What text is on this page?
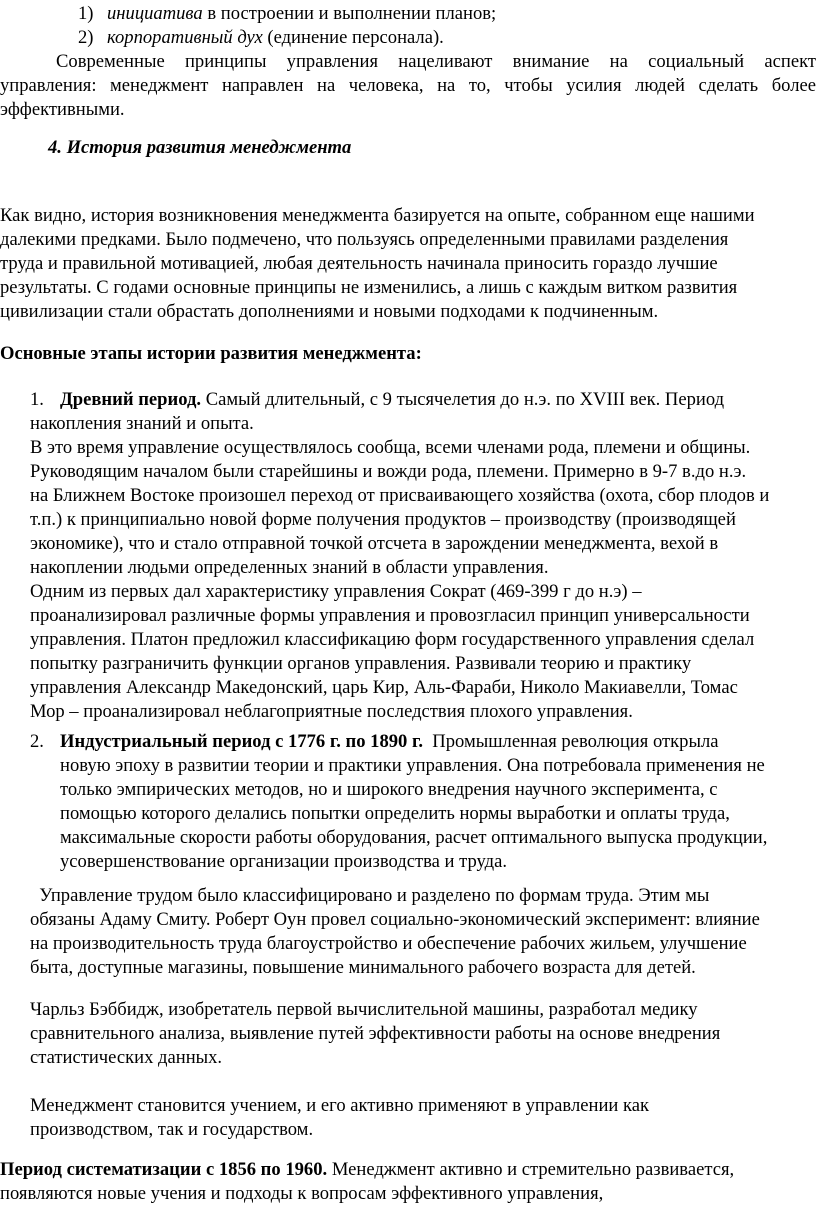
1) инициатива в построении и выполнении планов;
2) корпоративный дух (единение персонала).
Современные принципы управления нацеливают внимание на социальный аспект
управления: менеджмент направлен на человека, на то, чтобы усилия людей сделать более
эффективными.
4. История развития менеджмента
Как видно, история возникновения менеджмента базируется на опыте, собранном еще нашими
далекими предками. Было подмечено, что пользуясь определенными правилами разделения
труда и правильной мотивацией, любая деятельность начинала приносить гораздо лучшие
результаты. С годами основные принципы не изменились, а лишь с каждым витком развития
цивилизации стали обрастать дополнениями и новыми подходами к подчиненным.
Основные этапы истории развития менеджмента:
1. Древний период. Самый длительный, с 9 тысячелетия до н.э. по XVIII век. Период
накопления знаний и опыта.
В это время управление осуществлялось сообща, всеми членами рода, племени и общины.
Руководящим началом были старейшины и вожди рода, племени. Примерно в 9-7 в.до н.э.
на Ближнем Востоке произошел переход от присваивающего хозяйства (охота, сбор плодов и
т.п.) к принципиально новой форме получения продуктов – производству (производящей
экономике), что и стало отправной точкой отсчета в зарождении менеджмента, вехой в
накоплении людьми определенных знаний в области управления.
Одним из первых дал характеристику управления Сократ (469-399 г до н.э) –
проанализировал различные формы управления и провозгласил принцип универсальности
управления. Платон предложил классификацию форм государственного управления сделал
попытку разграничить функции органов управления. Развивали теорию и практику
управления Александр Македонский, царь Кир, Аль-Фараби, Николо Макиавелли, Томас
Мор – проанализировал неблагоприятные последствия плохого управления.
2. Индустриальный период с 1776 г. по 1890 г.  Промышленная революция открыла
новую эпоху в развитии теории и практики управления. Она потребовала применения не
только эмпирических методов, но и широкого внедрения научного эксперимента, с
помощью которого делались попытки определить нормы выработки и оплаты труда,
максимальные скорости работы оборудования, расчет оптимального выпуска продукции,
усовершенствование организации производства и труда.
Управление трудом было классифицировано и разделено по формам труда. Этим мы
обязаны Адаму Смиту. Роберт Оун провел социально-экономический эксперимент: влияние
на производительность труда благоустройство и обеспечение рабочих жильем, улучшение
быта, доступные магазины, повышение минимального рабочего возраста для детей.
Чарльз Бэббидж, изобретатель первой вычислительной машины, разработал медику
сравнительного анализа, выявление путей эффективности работы на основе внедрения
статистических данных.
Менеджмент становится учением, и его активно применяют в управлении как
производством, так и государством.
Период систематизации с 1856 по 1960. Менеджмент активно и стремительно развивается,
появляются новые учения и подходы к вопросам эффективного управления,
